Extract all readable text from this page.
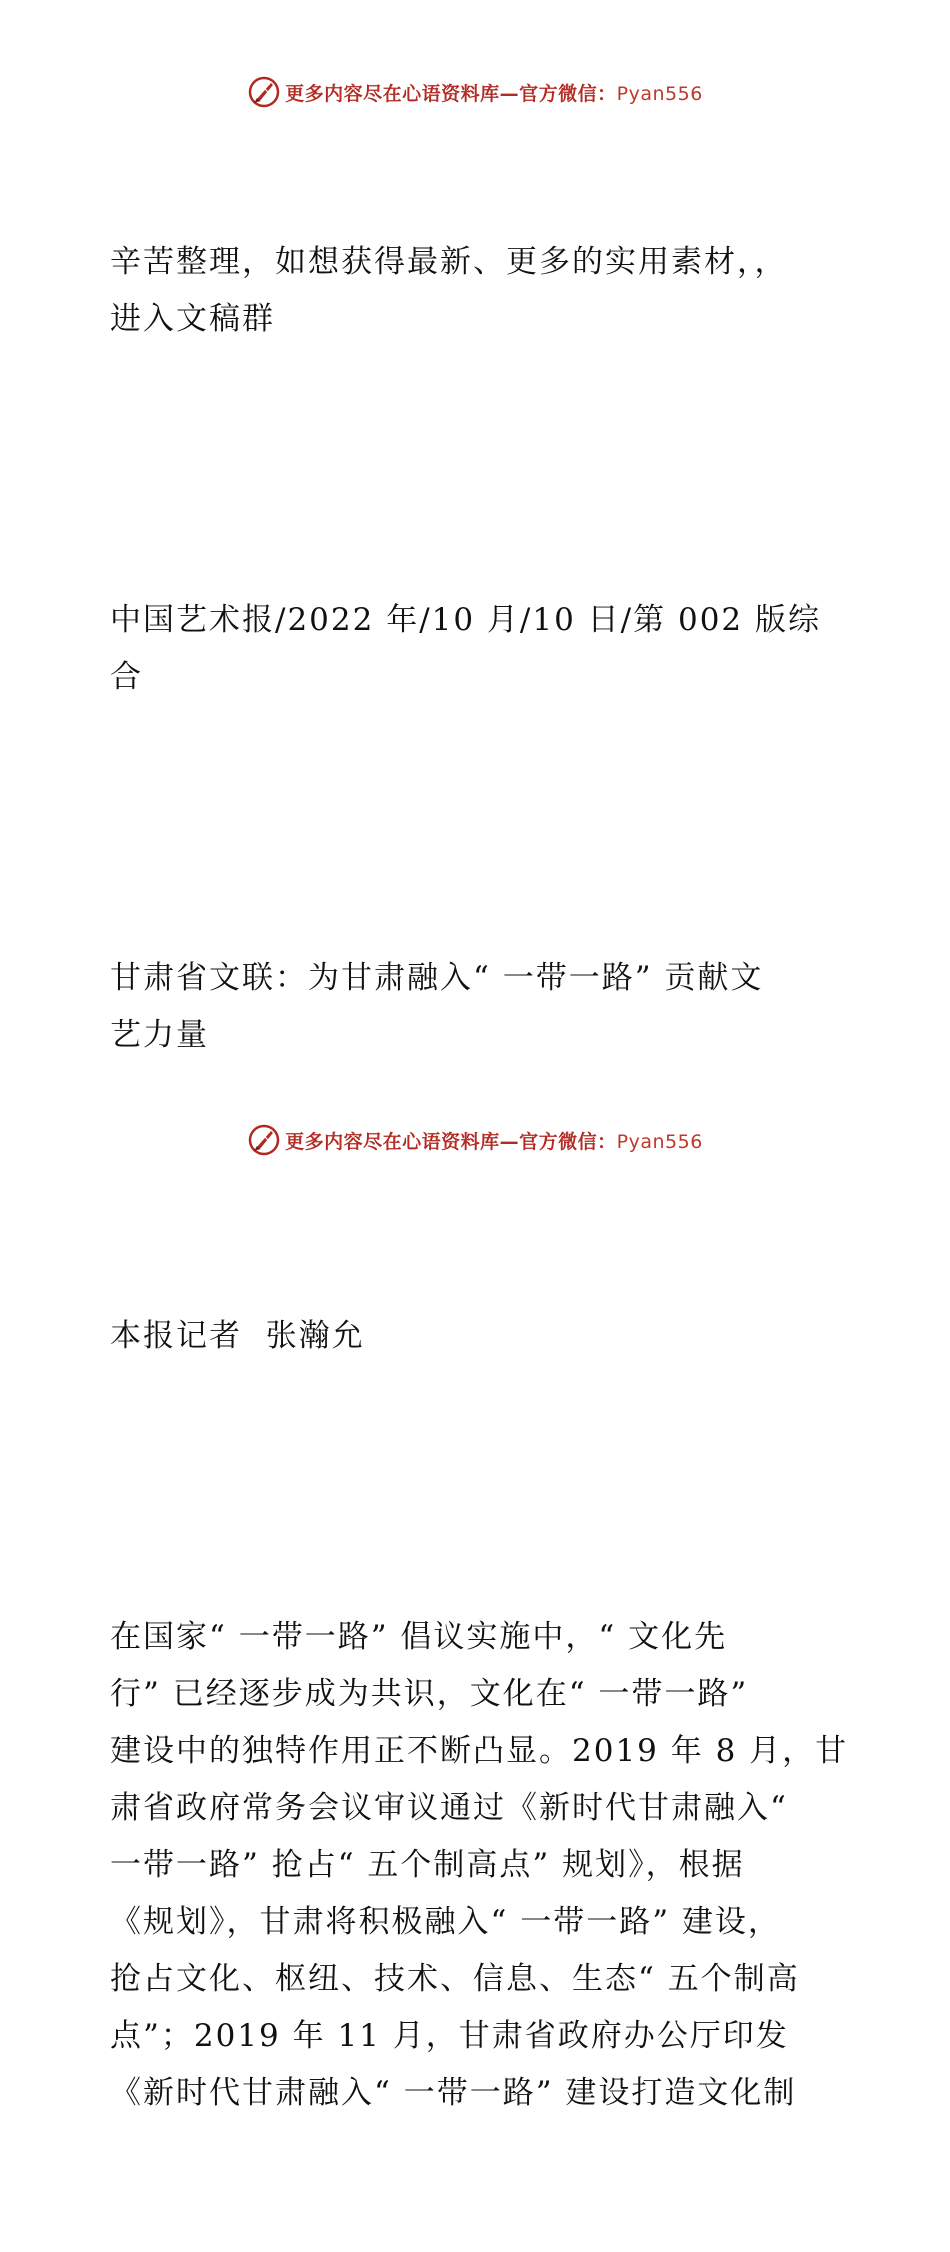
更多内容尽在心语资料库—官方微信：Pyan556

辛苦整理，如想获得最新、更多的实用素材，，
进入文稿群

中国艺术报/2022 年/10 月/10 日/第 002 版综
合

甘肃省文联：为甘肃融入“ 一带一路” 贡献文
艺力量

本报记者  张瀚允

在国家“ 一带一路” 倡议实施中，“ 文化先
行” 已经逐步成为共识，文化在“ 一带一路”
建设中的独特作用正不断凸显。2019 年 8 月，甘
肃省政府常务会议审议通过《新时代甘肃融入“
一带一路” 抢占“ 五个制高点” 规划》，根据
《规划》，甘肃将积极融入“ 一带一路” 建设，
抢占文化、枢纽、技术、信息、生态“ 五个制高
点”；2019 年 11 月，甘肃省政府办公厅印发
《新时代甘肃融入“ 一带一路” 建设打造文化制

更多内容尽在心语资料库—官方微信：Pyan556
